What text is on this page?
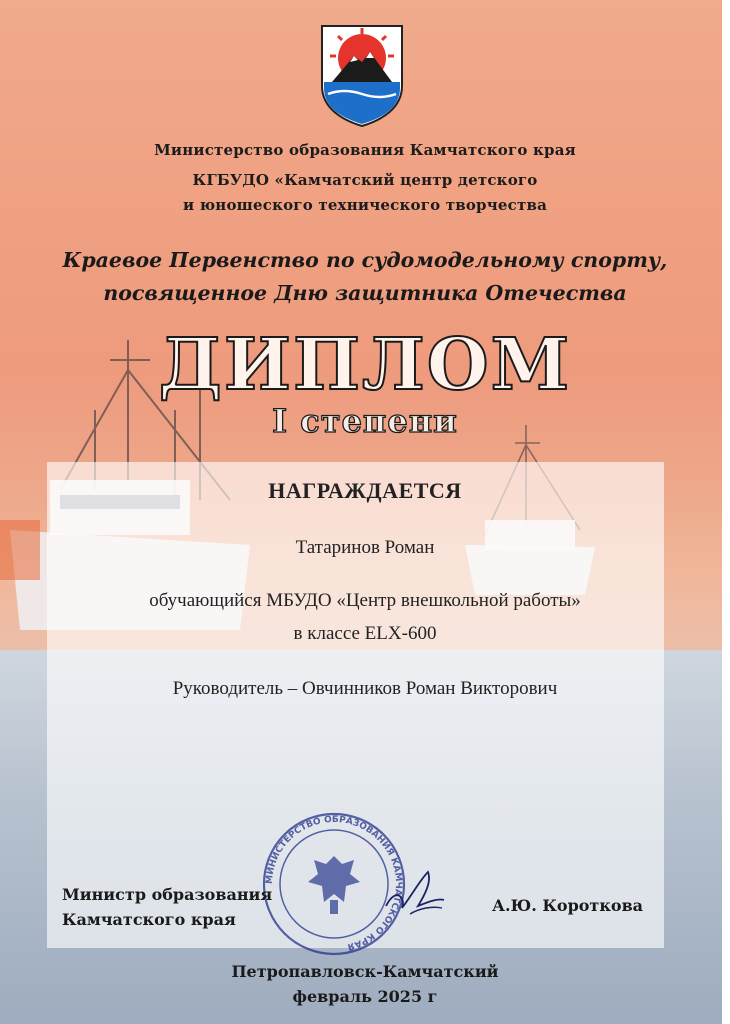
Министерство образования Камчатского края
КГБУДО «Камчатский центр детского
и юношеского технического творчества
Краевое Первенство по судомодельному спорту,
посвященное Дню защитника Отечества
ДИПЛОМ
I степени
НАГРАЖДАЕТСЯ
Татаринов Роман
обучающийся МБУДО «Центр внешкольной работы»
в классе ELX-600
Руководитель – Овчинников Роман Викторович
МИНИСТЕРСТВО ОБРАЗОВАНИЯ КАМЧАТСКОГО КРАЯ
Министр образования
Камчатского края
А.Ю. Короткова
Петропавловск-Камчатский
февраль 2025 г
